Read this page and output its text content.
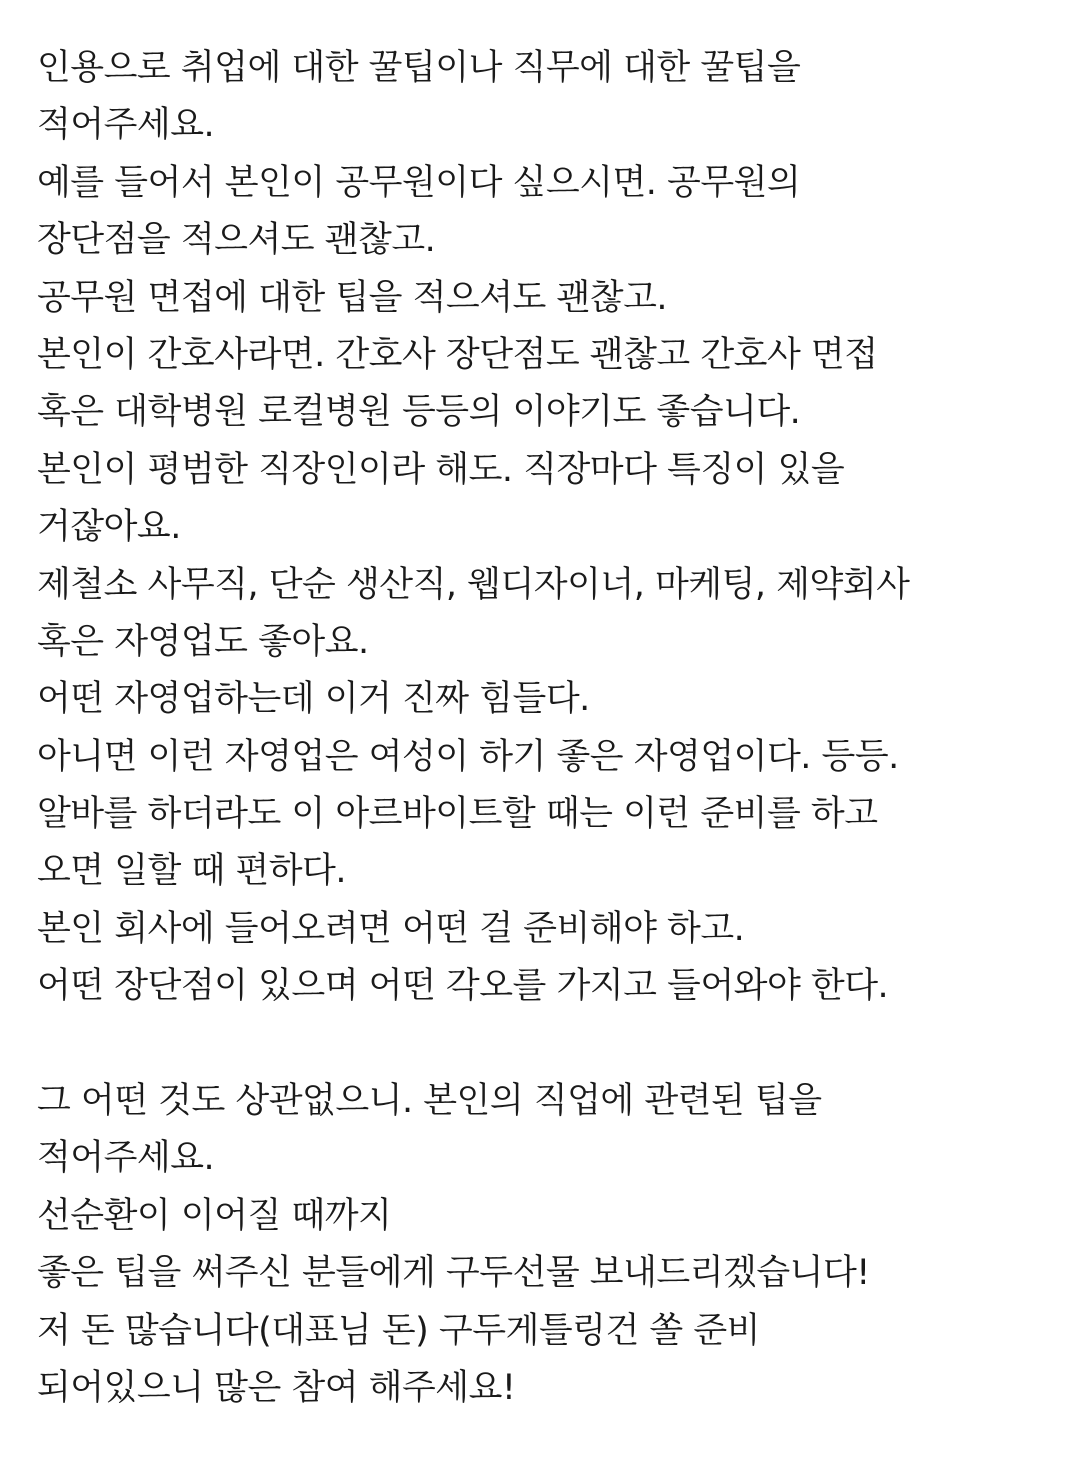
인용으로 취업에 대한 꿀팁이나 직무에 대한 꿀팁을
적어주세요.
예를 들어서 본인이 공무원이다 싶으시면. 공무원의
장단점을 적으셔도 괜찮고.
공무원 면접에 대한 팁을 적으셔도 괜찮고.
본인이 간호사라면. 간호사 장단점도 괜찮고 간호사 면접
혹은 대학병원 로컬병원 등등의 이야기도 좋습니다.
본인이 평범한 직장인이라 해도. 직장마다 특징이 있을
거잖아요.
제철소 사무직, 단순 생산직, 웹디자이너, 마케팅, 제약회사
혹은 자영업도 좋아요.
어떤 자영업하는데 이거 진짜 힘들다.
아니면 이런 자영업은 여성이 하기 좋은 자영업이다. 등등.
알바를 하더라도 이 아르바이트할 때는 이런 준비를 하고
오면 일할 때 편하다.
본인 회사에 들어오려면 어떤 걸 준비해야 하고.
어떤 장단점이 있으며 어떤 각오를 가지고 들어와야 한다.
그 어떤 것도 상관없으니. 본인의 직업에 관련된 팁을
적어주세요.
선순환이 이어질 때까지
좋은 팁을 써주신 분들에게 구두선물 보내드리겠습니다!
저 돈 많습니다(대표님 돈) 구두게틀링건 쏠 준비
되어있으니 많은 참여 해주세요!
